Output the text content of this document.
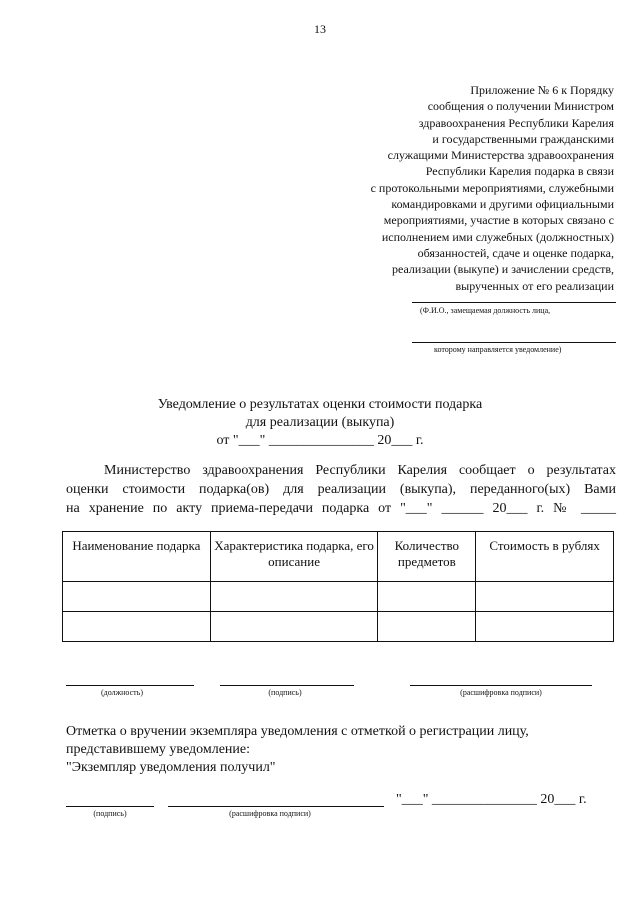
13
Приложение № 6 к Порядку
сообщения о получении Министром
здравоохранения Республики Карелия
и государственными гражданскими
служащими Министерства здравоохранения
Республики Карелия подарка в связи
с протокольными мероприятиями, служебными
командировками и другими официальными
мероприятиями, участие в которых связано с
исполнением ими служебных (должностных)
обязанностей, сдаче и оценке подарка,
реализации (выкупе) и зачислении средств,
вырученных от его реализации
(Ф.И.О., замещаемая должность лица,
которому направляется уведомление)
Уведомление о результатах оценки стоимости подарка
для реализации (выкупа)
от "___" _______________ 20___ г.
Министерство здравоохранения Республики Карелия сообщает о результатах
оценки стоимости подарка(ов) для реализации (выкупа), переданного(ых) Вами
на хранение по акту приема-передачи подарка от "___" ______ 20___ г. № _____
Наименование подарка	Характеристика подарка, его описание	Количество предметов	Стоимость в рублях

(должность)	(подпись)	(расшифровка подписи)
Отметка о вручении экземпляра уведомления с отметкой о регистрации лицу,
представившему уведомление:
"Экземпляр уведомления получил"
(подпись)	(расшифровка подписи)
"___" _______________ 20___ г.
